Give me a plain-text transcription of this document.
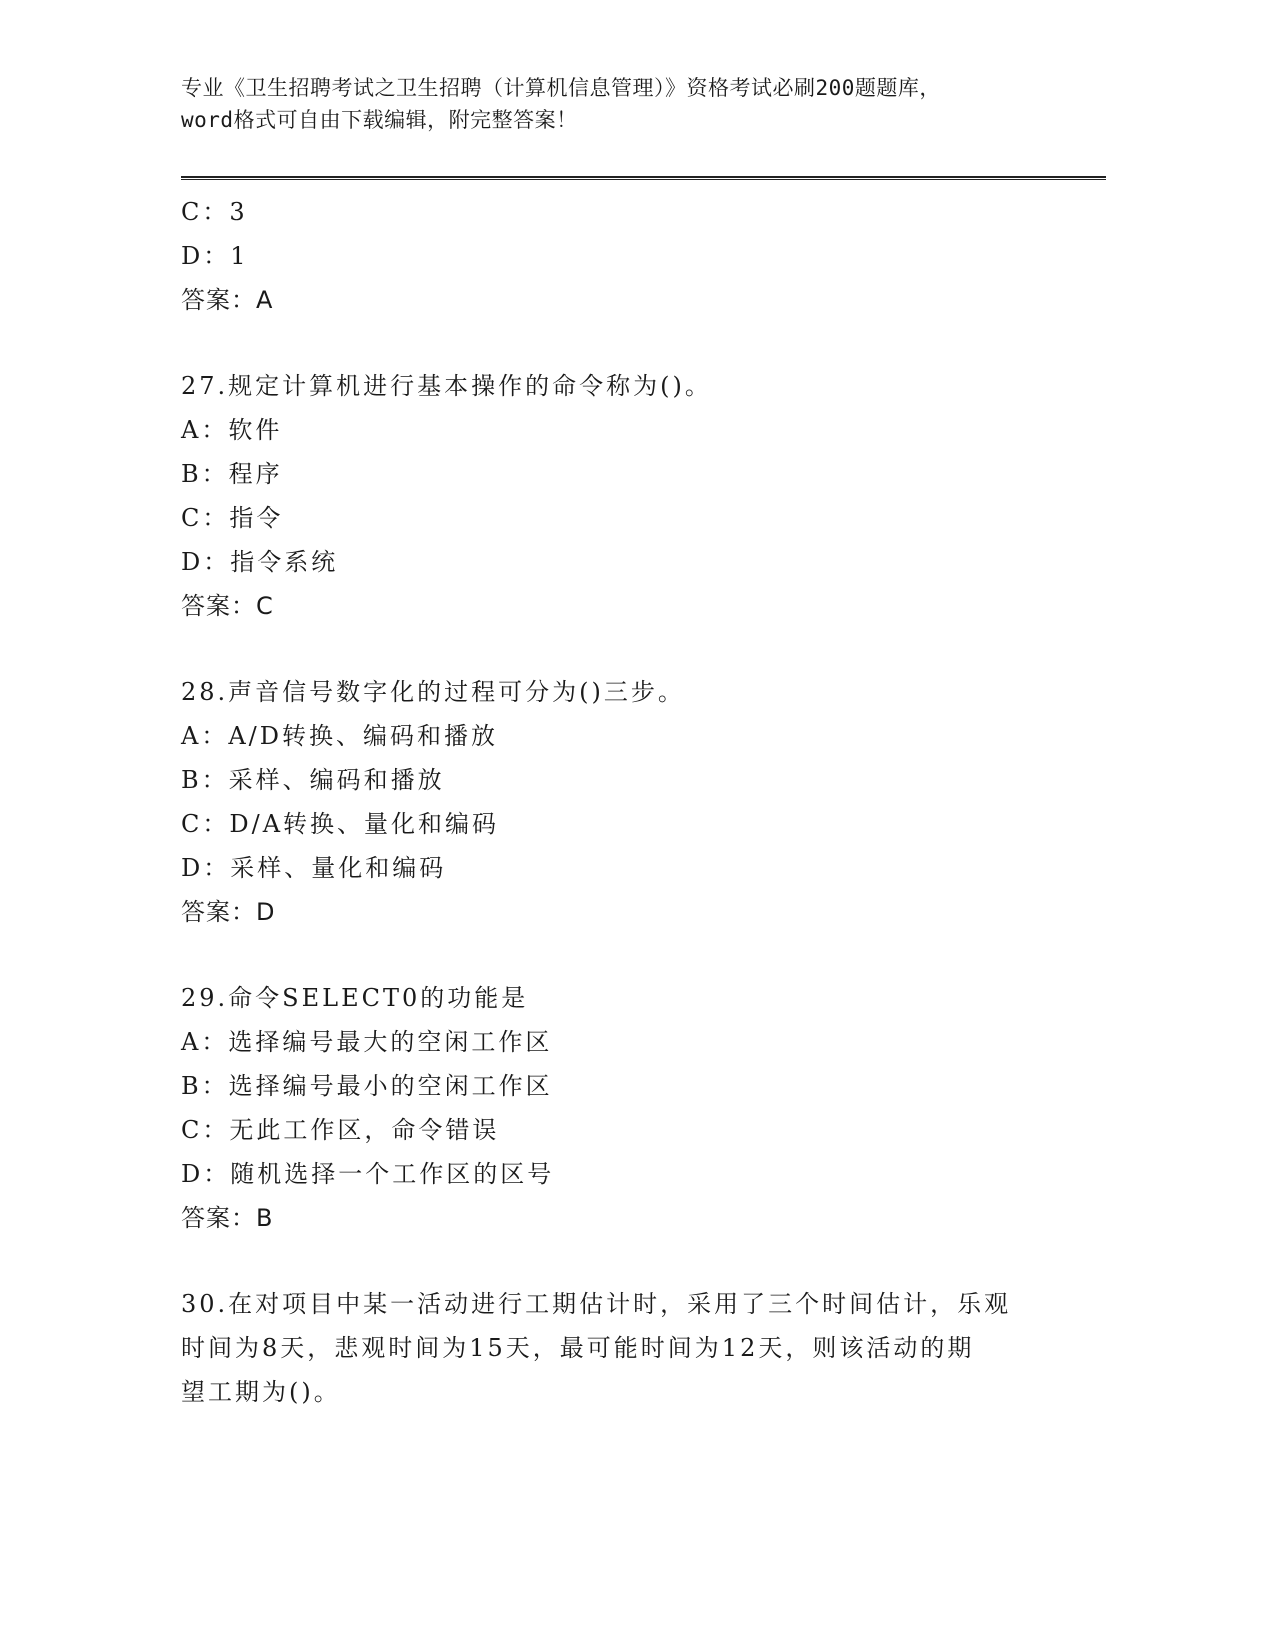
专业《卫生招聘考试之卫生招聘（计算机信息管理）》资格考试必刷200题题库，
word格式可自由下载编辑，附完整答案！
C：3
D：1
答案：A
27.规定计算机进行基本操作的命令称为()。
A：软件
B：程序
C：指令
D：指令系统
答案：C
28.声音信号数字化的过程可分为()三步。
A：A/D转换、编码和播放
B：采样、编码和播放
C：D/A转换、量化和编码
D：采样、量化和编码
答案：D
29.命令SELECT0的功能是
A：选择编号最大的空闲工作区
B：选择编号最小的空闲工作区
C：无此工作区，命令错误
D：随机选择一个工作区的区号
答案：B
30.在对项目中某一活动进行工期估计时，采用了三个时间估计，乐观
时间为8天，悲观时间为15天，最可能时间为12天，则该活动的期
望工期为()。
